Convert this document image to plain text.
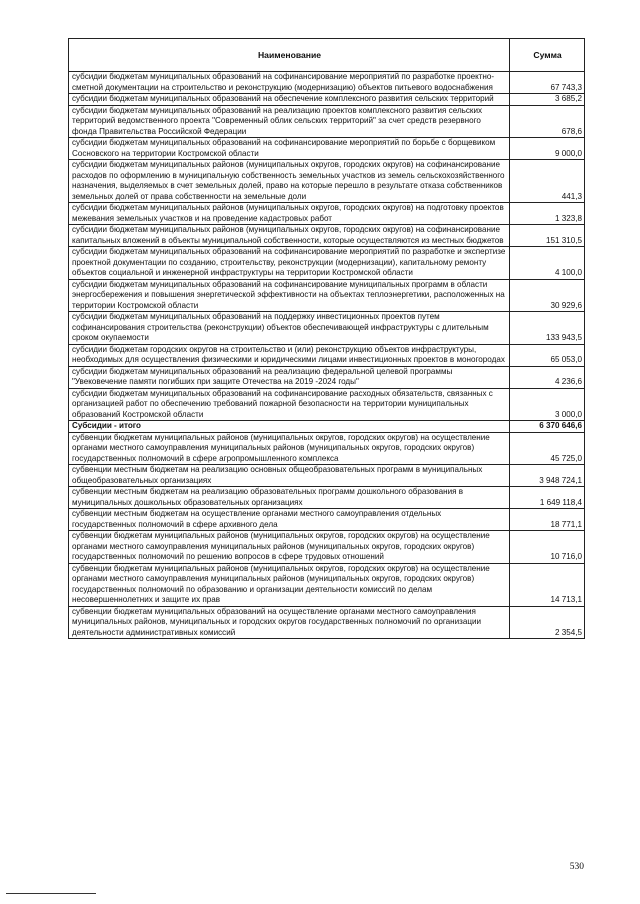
Наименование	Сумма
субсидии бюджетам муниципальных образований на софинансирование мероприятий по разработке проектно-сметной документации на строительство и реконструкцию (модернизацию) объектов питьевого водоснабжения	67 743,3
субсидии бюджетам муниципальных образований на обеспечение комплексного развития сельских территорий	3 685,2
субсидии бюджетам муниципальных образований на реализацию проектов комплексного развития сельских территорий ведомственного проекта "Современный облик сельских территорий" за счет средств резервного фонда Правительства Российской Федерации	678,6
субсидии бюджетам муниципальных образований на софинансирование мероприятий по борьбе с борщевиком Сосновского на территории Костромской области	9 000,0
субсидии бюджетам муниципальных районов (муниципальных округов, городских округов) на софинансирование расходов по оформлению в муниципальную собственность земельных участков из земель сельскохозяйственного назначения, выделяемых в счет земельных долей, право на которые перешло в результате отказа собственников земельных долей от права собственности на земельные доли	441,3
субсидии бюджетам муниципальных районов (муниципальных округов, городских округов) на подготовку проектов межевания земельных участков и на проведение кадастровых работ	1 323,8
субсидии бюджетам муниципальных районов (муниципальных округов, городских округов) на софинансирование капитальных вложений в объекты муниципальной собственности, которые осуществляются из местных бюджетов	151 310,5
субсидии бюджетам муниципальных образований на софинансирование мероприятий по разработке и экспертизе проектной документации по созданию, строительству, реконструкции (модернизации), капитальному ремонту объектов социальной и инженерной инфраструктуры на территории Костромской области	4 100,0
субсидии бюджетам муниципальных образований на софинансирование муниципальных программ в области энергосбережения и повышения энергетической эффективности на объектах теплоэнергетики, расположенных на территории Костромской области	30 929,6
субсидии бюджетам муниципальных образований на поддержку инвестиционных проектов путем софинансирования строительства (реконструкции) объектов обеспечивающей инфраструктуры с длительным сроком окупаемости	133 943,5
субсидии бюджетам городских округов на строительство и (или) реконструкцию объектов инфраструктуры, необходимых для осуществления физическими и юридическими лицами инвестиционных проектов в моногородах	65 053,0
субсидии бюджетам муниципальных образований на реализацию федеральной целевой программы "Увековечение памяти погибших при защите Отечества на 2019 -2024 годы"	4 236,6
субсидии бюджетам муниципальных образований на софинансирование расходных обязательств, связанных с организацией работ по обеспечению требований пожарной безопасности на территории муниципальных образований Костромской области	3 000,0
Субсидии - итого	6 370 646,6
субвенции бюджетам муниципальных районов (муниципальных округов, городских округов) на осуществление органами местного самоуправления муниципальных районов (муниципальных округов, городских округов) государственных полномочий в сфере агропромышленного комплекса	45 725,0
субвенции местным бюджетам на реализацию основных общеобразовательных программ в муниципальных общеобразовательных организациях	3 948 724,1
субвенции местным бюджетам на реализацию образовательных программ дошкольного образования в муниципальных дошкольных образовательных организациях	1 649 118,4
субвенции местным бюджетам на осуществление органами местного самоуправления отдельных государственных полномочий в сфере архивного дела	18 771,1
субвенции бюджетам муниципальных районов (муниципальных округов, городских округов) на осуществление органами местного самоуправления муниципальных районов (муниципальных округов, городских округов) государственных полномочий по решению вопросов в сфере трудовых отношений	10 716,0
субвенции бюджетам муниципальных районов (муниципальных округов, городских округов) на осуществление органами местного самоуправления муниципальных районов (муниципальных округов, городских округов) государственных полномочий по образованию и организации деятельности комиссий по делам несовершеннолетних и защите их прав	14 713,1
субвенции бюджетам муниципальных образований на осуществление органами местного самоуправления муниципальных районов, муниципальных и городских округов государственных полномочий по организации деятельности административных комиссий	2 354,5
530
